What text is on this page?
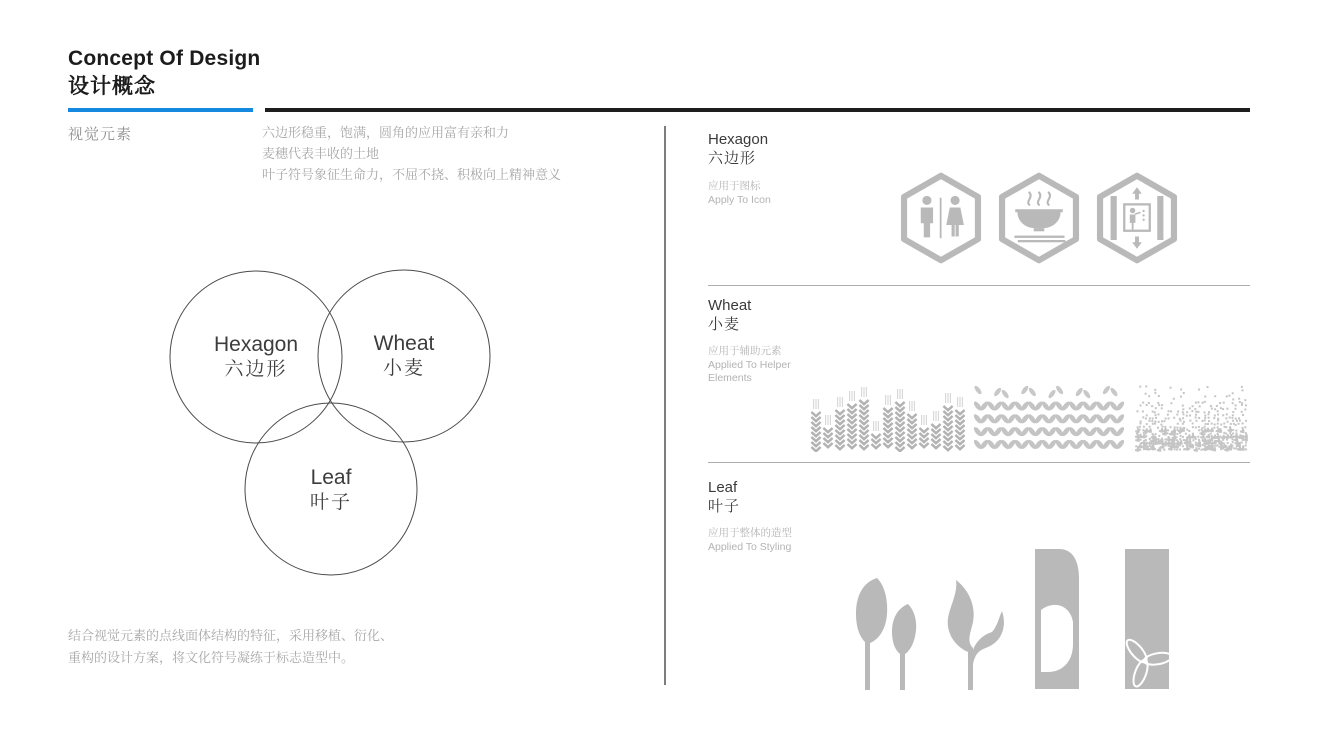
Concept Of Design
设计概念
视觉元素	六边形稳重，饱满，圆角的应用富有亲和力
麦穗代表丰收的土地
叶子符号象征生命力，不屈不挠、积极向上精神意义
Hexagon
六边形
Wheat
小麦
Leaf
叶子
结合视觉元素的点线面体结构的特征，采用移植、衍化、
重构的设计方案，将文化符号凝练于标志造型中。
Hexagon
六边形
应用于图标
Apply To Icon
Wheat
小麦
应用于辅助元素
Applied To Helper
Elements
Leaf
叶子
应用于整体的造型
Applied To Styling
